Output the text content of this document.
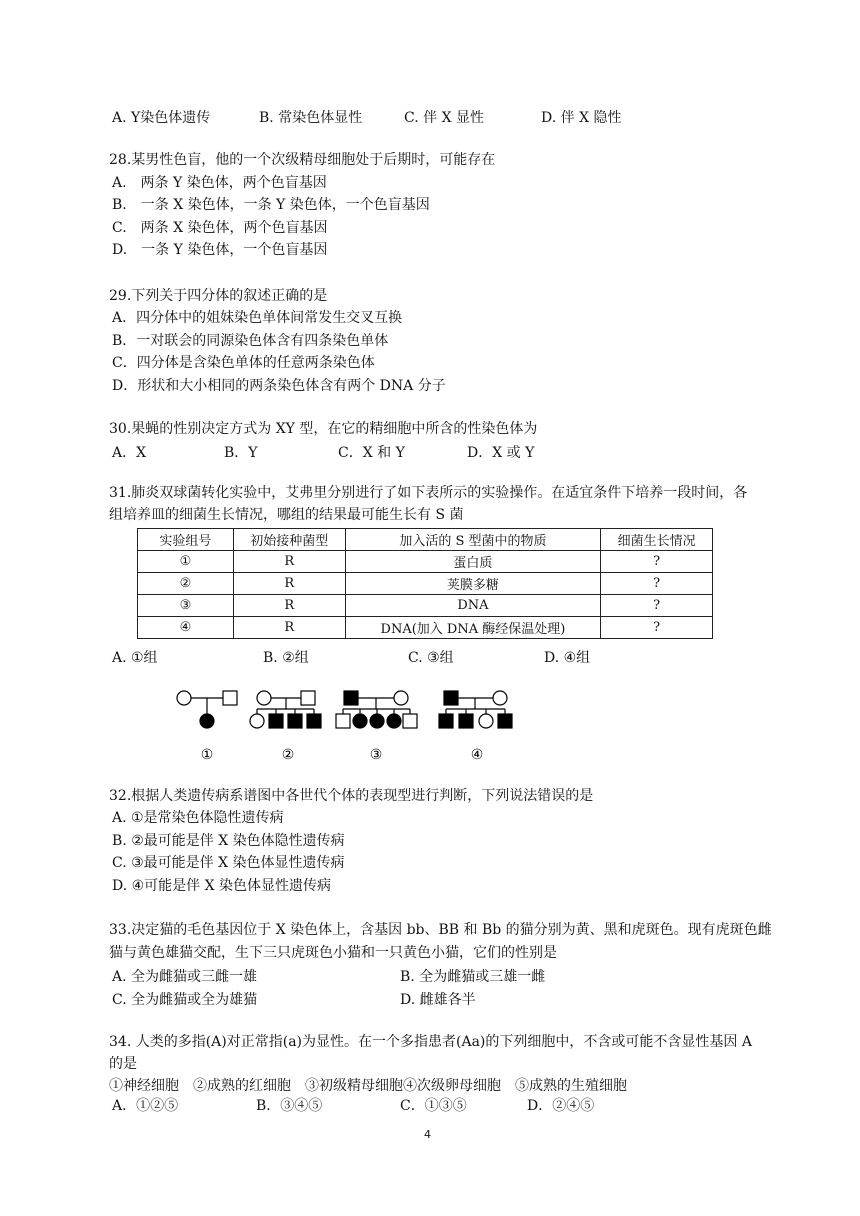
A. Y染色体遗传	B. 常染色体显性	C. 伴 X 显性	D. 伴 X 隐性
28.某男性色盲，他的一个次级精母细胞处于后期时，可能存在
A.　两条 Y 染色体，两个色盲基因
B.　一条 X 染色体，一条 Y 染色体，一个色盲基因
C.　两条 X 染色体，两个色盲基因
D.　一条 Y 染色体，一个色盲基因
29.下列关于四分体的叙述正确的是
A．四分体中的姐妹染色单体间常发生交叉互换
B．一对联会的同源染色体含有四条染色单体
C．四分体是含染色单体的任意两条染色体
D．形状和大小相同的两条染色体含有两个 DNA 分子
30.果蝇的性别决定方式为 XY 型，在它的精细胞中所含的性染色体为
A．X	B．Y	C．X 和 Y	D．X 或 Y
31.肺炎双球菌转化实验中，艾弗里分别进行了如下表所示的实验操作。在适宜条件下培养一段时间，各
组培养皿的细菌生长情况，哪组的结果最可能生长有 S 菌
实验组号	初始接种菌型	加入活的 S 型菌中的物质	细菌生长情况
①	R	蛋白质	?
②	R	荚膜多糖	?
③	R	DNA	?
④	R	DNA(加入 DNA 酶经保温处理)	?
A. ①组	B. ②组	C. ③组	D. ④组
①	②	③	④
32.根据人类遗传病系谱图中各世代个体的表现型进行判断，下列说法错误的是
A. ①是常染色体隐性遗传病
B. ②最可能是伴 X 染色体隐性遗传病
C. ③最可能是伴 X 染色体显性遗传病
D. ④可能是伴 X 染色体显性遗传病
33.决定猫的毛色基因位于 X 染色体上，含基因 bb、BB 和 Bb 的猫分别为黄、黑和虎斑色。现有虎斑色雌
猫与黄色雄猫交配，生下三只虎斑色小猫和一只黄色小猫，它们的性别是
A. 全为雌猫或三雌一雄	B. 全为雌猫或三雄一雌
C. 全为雌猫或全为雄猫	D. 雌雄各半
34. 人类的多指(A)对正常指(a)为显性。在一个多指患者(Aa)的下列细胞中，不含或可能不含显性基因 A
的是
①神经细胞　②成熟的红细胞　③初级精母细胞④次级卵母细胞　⑤成熟的生殖细胞
A．①②⑤	B．③④⑤	C．①③⑤	D．②④⑤
4
